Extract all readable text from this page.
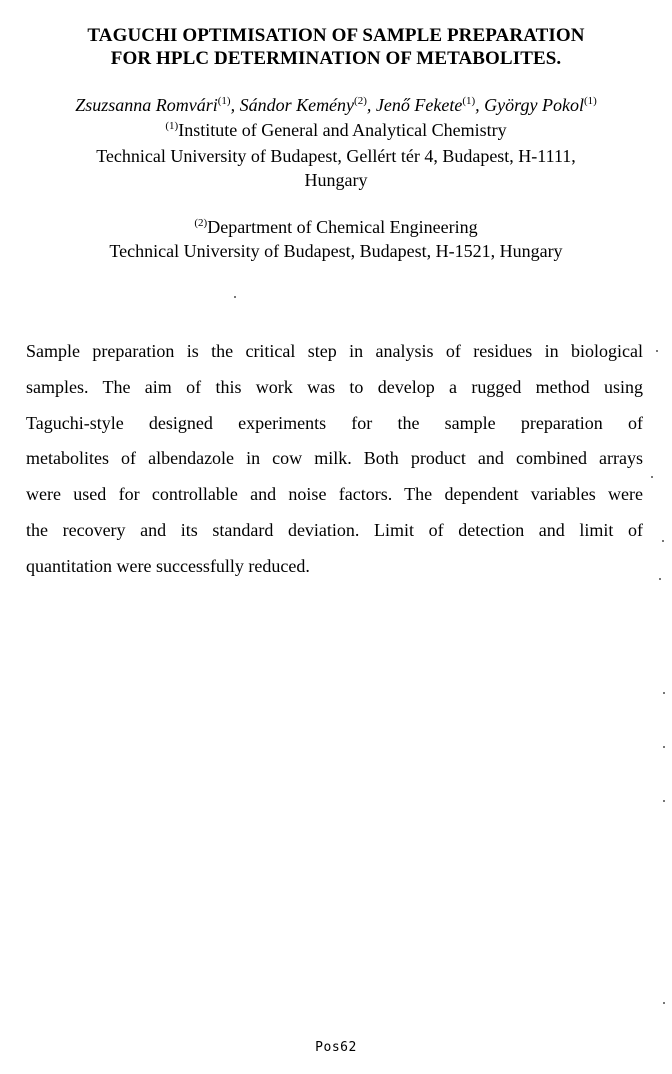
TAGUCHI OPTIMISATION OF SAMPLE PREPARATION
FOR HPLC DETERMINATION OF METABOLITES.
Zsuzsanna Romvári$^{(1)}$, Sándor Kemény$^{(2)}$, Jenő Fekete$^{(1)}$, György Pokol$^{(1)}$
$^{(1)}$Institute of General and Analytical Chemistry
Technical University of Budapest, Gellért tér 4, Budapest, H-1111,
Hungary
$^{(2)}$Department of Chemical Engineering
Technical University of Budapest, Budapest, H-1521, Hungary
Sample preparation is the critical step in analysis of residues in biological
samples. The aim of this work was to develop a rugged method using
Taguchi-style designed experiments for the sample preparation of
metabolites of albendazole in cow milk. Both product and combined arrays
were used for controllable and noise factors. The dependent variables were
the recovery and its standard deviation. Limit of detection and limit of
quantitation were successfully reduced.
Pos62
